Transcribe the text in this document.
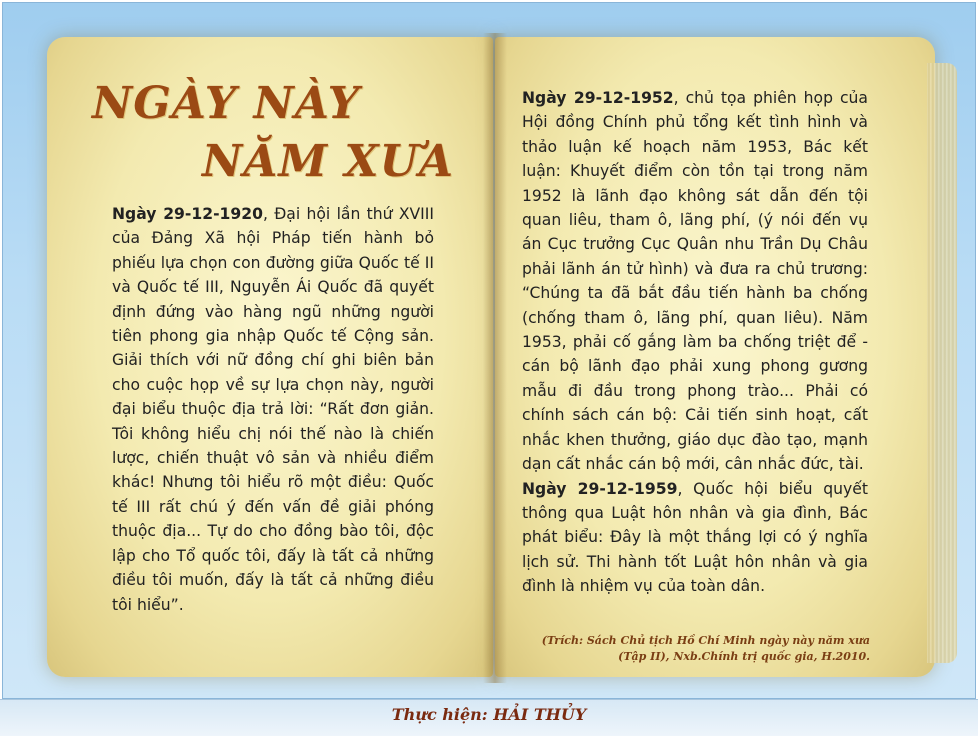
NGÀY NÀY
NĂM XƯA

Ngày 29-12-1920, Đại hội lần thứ XVIII của Đảng Xã hội Pháp tiến hành bỏ phiếu lựa chọn con đường giữa Quốc tế II và Quốc tế III, Nguyễn Ái Quốc đã quyết định đứng vào hàng ngũ những người tiên phong gia nhập Quốc tế Cộng sản. Giải thích với nữ đồng chí ghi biên bản cho cuộc họp về sự lựa chọn này, người đại biểu thuộc địa trả lời: “Rất đơn giản. Tôi không hiểu chị nói thế nào là chiến lược, chiến thuật vô sản và nhiều điểm khác! Nhưng tôi hiểu rõ một điều: Quốc tế III rất chú ý đến vấn đề giải phóng thuộc địa... Tự do cho đồng bào tôi, độc lập cho Tổ quốc tôi, đấy là tất cả những điều tôi muốn, đấy là tất cả những điều tôi hiểu”.

Ngày 29-12-1952, chủ tọa phiên họp của Hội đồng Chính phủ tổng kết tình hình và thảo luận kế hoạch năm 1953, Bác kết luận: Khuyết điểm còn tồn tại trong năm 1952 là lãnh đạo không sát dẫn đến tội quan liêu, tham ô, lãng phí, (ý nói đến vụ án Cục trưởng Cục Quân nhu Trần Dụ Châu phải lãnh án tử hình) và đưa ra chủ trương: “Chúng ta đã bắt đầu tiến hành ba chống (chống tham ô, lãng phí, quan liêu). Năm 1953, phải cố gắng làm ba chống triệt để - cán bộ lãnh đạo phải xung phong gương mẫu đi đầu trong phong trào... Phải có chính sách cán bộ: Cải tiến sinh hoạt, cất nhắc khen thưởng, giáo dục đào tạo, mạnh dạn cất nhắc cán bộ mới, cân nhắc đức, tài.

Ngày 29-12-1959, Quốc hội biểu quyết thông qua Luật hôn nhân và gia đình, Bác phát biểu: Đây là một thắng lợi có ý nghĩa lịch sử. Thi hành tốt Luật hôn nhân và gia đình là nhiệm vụ của toàn dân.

(Trích: Sách Chủ tịch Hồ Chí Minh ngày này năm xưa
(Tập II), Nxb.Chính trị quốc gia, H.2010.
Thực hiện: HẢI THỦY
